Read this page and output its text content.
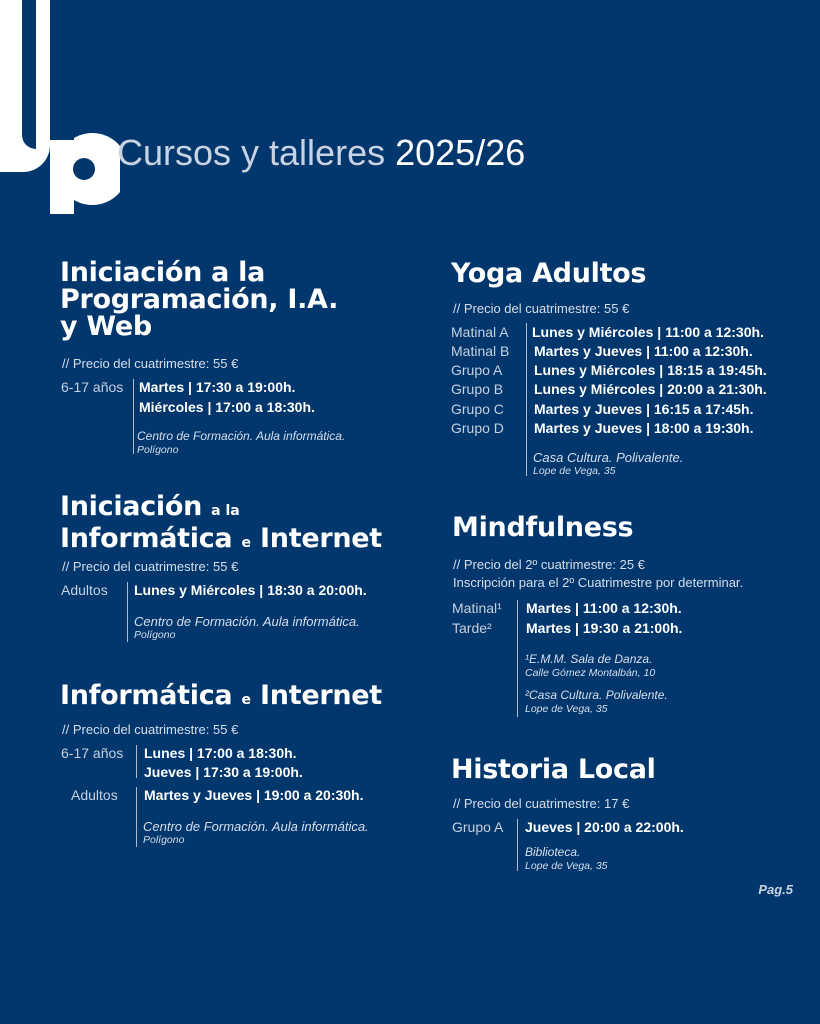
Cursos y talleres 2025/26
Iniciación a la
Programación, I.A.
y Web
// Precio del cuatrimestre: 55 €
6-17 años Martes | 17:30 a 19:00h.
Miércoles | 17:00 a 18:30h.
Centro de Formación. Aula informática.
Polígono
Iniciación a la
Informática e Internet
// Precio del cuatrimestre: 55 €
Adultos Lunes y Miércoles | 18:30 a 20:00h.
Centro de Formación. Aula informática.
Polígono
Informática e Internet
// Precio del cuatrimestre: 55 €
6-17 años Lunes | 17:00 a 18:30h.
Jueves | 17:30 a 19:00h.
Adultos Martes y Jueves | 19:00 a 20:30h.
Centro de Formación. Aula informática.
Polígono
Yoga Adultos
// Precio del cuatrimestre: 55 €
Matinal A Lunes y Miércoles | 11:00 a 12:30h.
Matinal B Martes y Jueves | 11:00 a 12:30h.
Grupo A Lunes y Miércoles | 18:15 a 19:45h.
Grupo B Lunes y Miércoles | 20:00 a 21:30h.
Grupo C Martes y Jueves | 16:15 a 17:45h.
Grupo D Martes y Jueves | 18:00 a 19:30h.
Casa Cultura. Polivalente.
Lope de Vega, 35
Mindfulness
// Precio del 2º cuatrimestre: 25 €
Inscripción para el 2º Cuatrimestre por determinar.
Matinal¹
Tarde²
Martes | 11:00 a 12:30h.
Martes | 19:30 a 21:00h.
¹E.M.M. Sala de Danza.
Calle Gómez Montalbán, 10
²Casa Cultura. Polivalente.
Lope de Vega, 35
Historia Local
// Precio del cuatrimestre: 17 €
Grupo A Jueves | 20:00 a 22:00h.
Biblioteca.
Lope de Vega, 35
Pag.5
